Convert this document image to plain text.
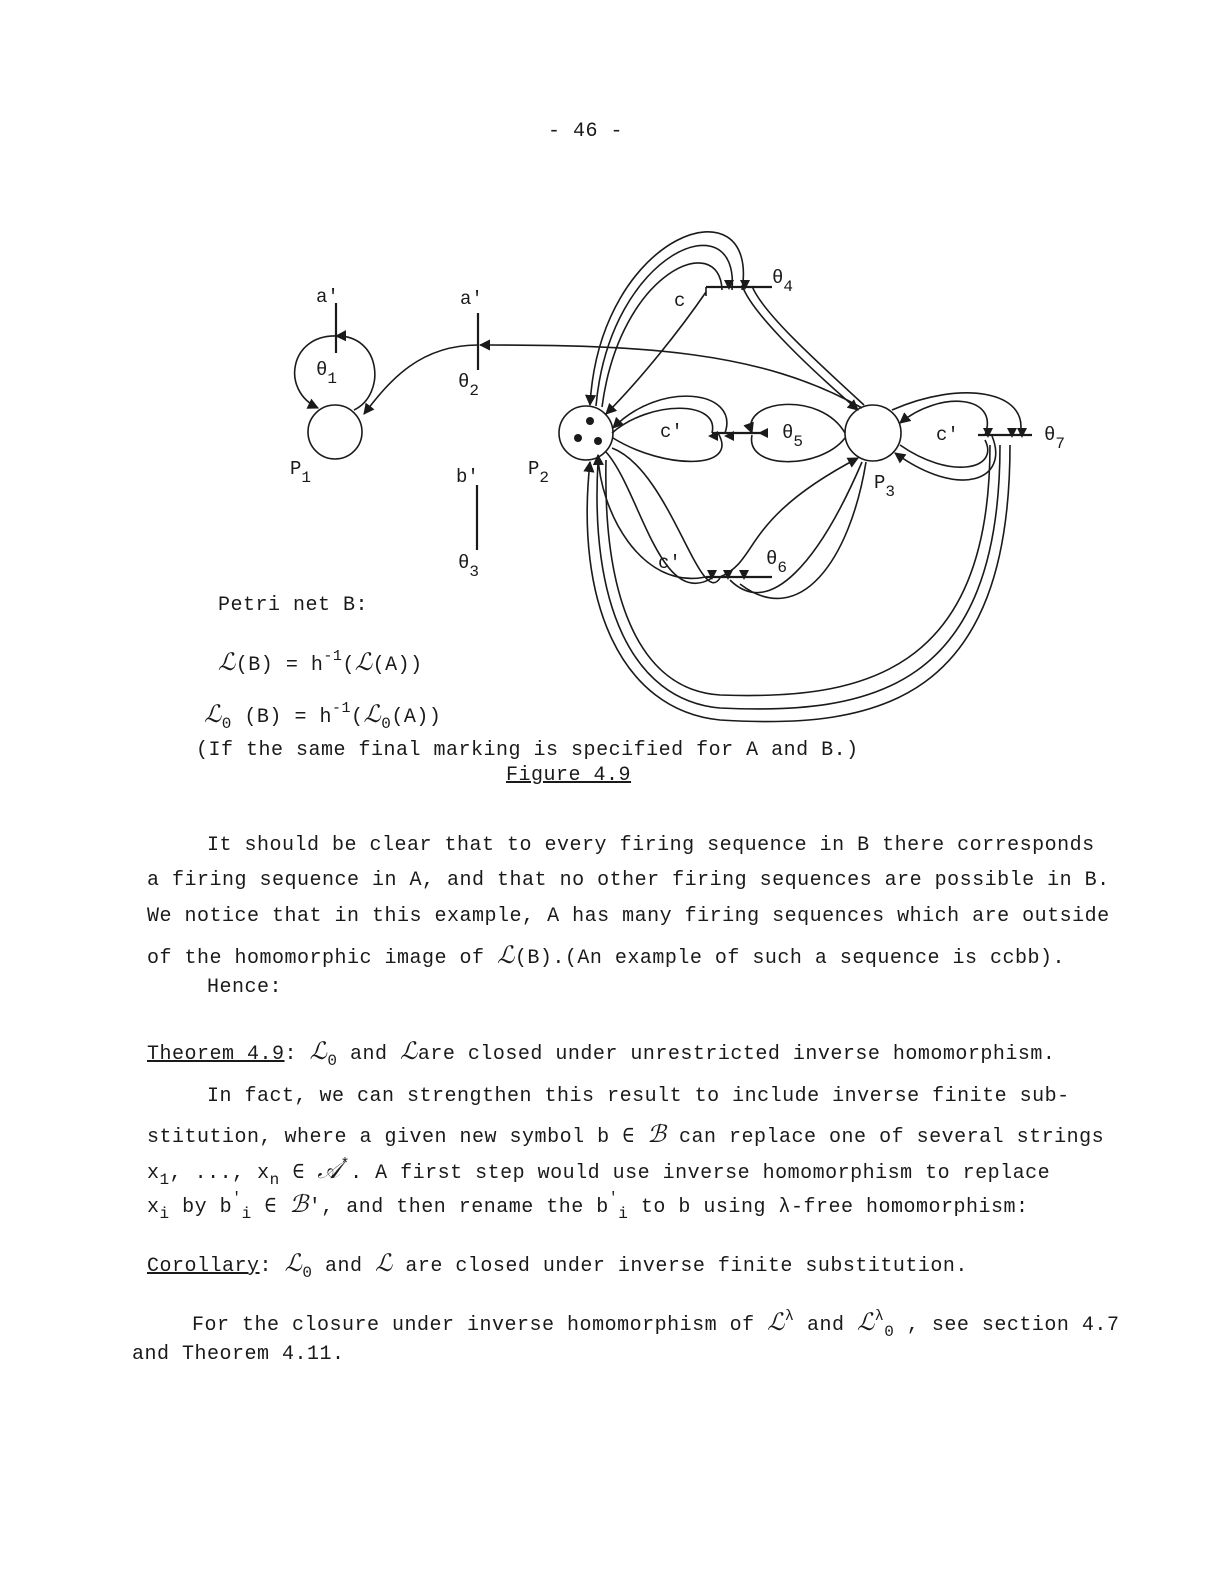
- 46 -
a'	a'
b'
c
c'
c'
c'
$\theta_1$	$\theta_2$
$\theta_3$
$\theta_4$
$\theta_5$
$\theta_6$
$\theta_7$
$P_1$	$P_2$	$P_3$
Petri net B:
ℒ(B) = $h^{-1}(ℒ(A))$
ℒ$_0$ $(B) = h^{-1}(ℒ_0(A))$
(If the same final marking is specified for A and B.)
Figure 4.9
It should be clear that to every firing sequence in B there corresponds
a firing sequence in A, and that no other firing sequences are possible in B.
We notice that in this example, A has many firing sequences which are outside
of the homomorphic image of ℒ(B).(An example of such a sequence is ccbb).
Hence:
Theorem 4.9: ℒ$_0$ and ℒare closed under unrestricted inverse homomorphism.
In fact, we can strengthen this result to include inverse finite sub-
stitution, where a given new symbol b ∈ ℬ can replace one of several strings
$x_1$, ..., $x_n$ ∈ 𝒜*. A first step would use inverse homomorphism to replace
$x_i$ by $b'_i$ ∈ ℬ', and then rename the $b'_i$ to b using λ-free homomorphism:
Corollary: ℒ$_0$ and ℒ are closed under inverse finite substitution.
For the closure under inverse homomorphism of ℒ$^\lambda$ and ℒ$^\lambda_0$ , see section 4.7
and Theorem 4.11.
